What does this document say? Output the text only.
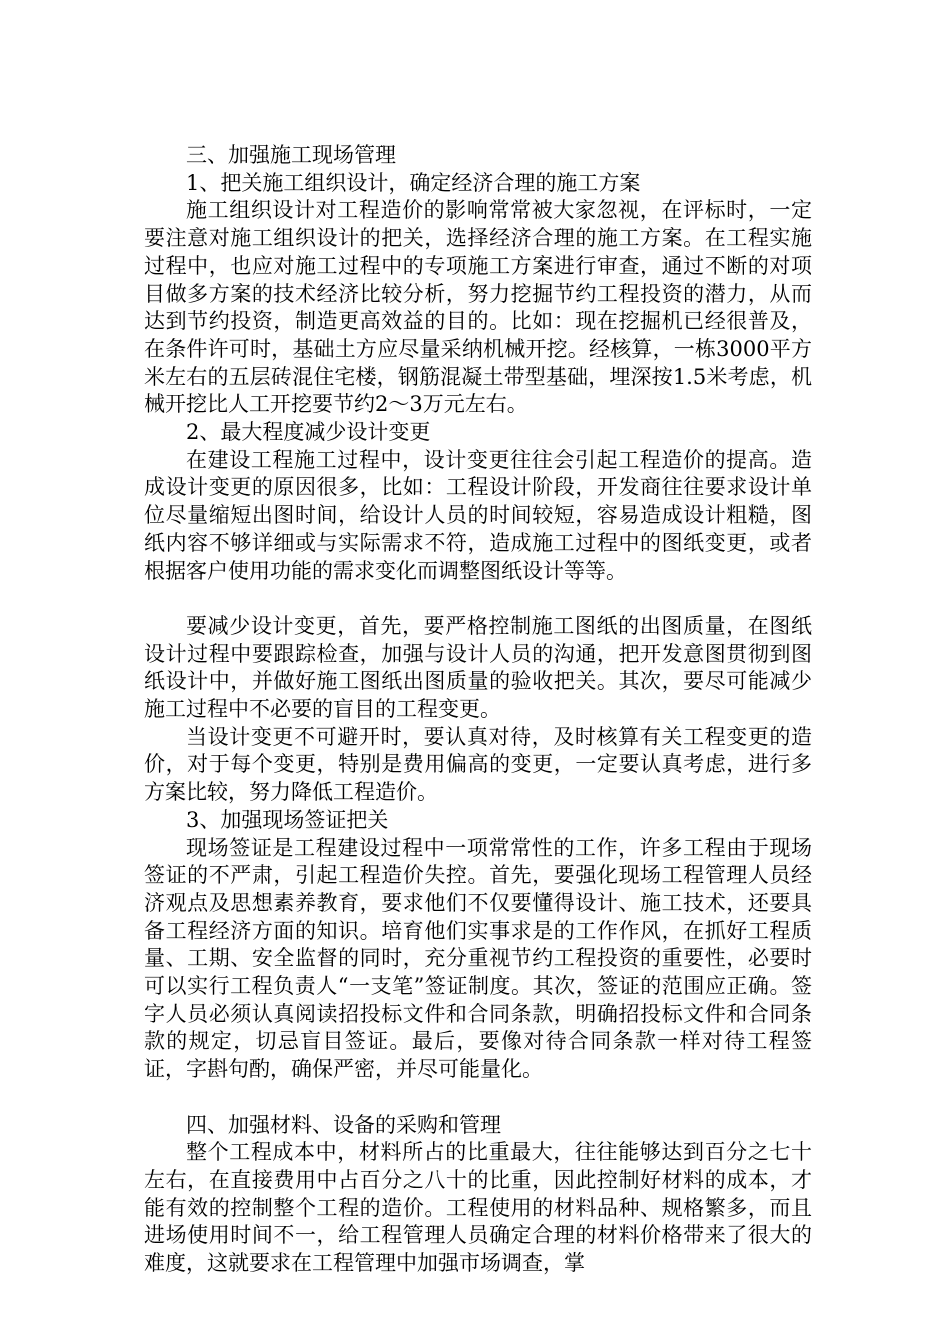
三、加强施工现场管理

1、把关施工组织设计，确定经济合理的施工方案

施工组织设计对工程造价的影响常常被大家忽视，在评标时，一定要注意对施工组织设计的把关，选择经济合理的施工方案。在工程实施过程中，也应对施工过程中的专项施工方案进行审查，通过不断的对项目做多方案的技术经济比较分析，努力挖掘节约工程投资的潜力，从而达到节约投资，制造更高效益的目的。比如：现在挖掘机已经很普及，在条件许可时，基础土方应尽量采纳机械开挖。经核算，一栋3000平方米左右的五层砖混住宅楼，钢筋混凝土带型基础，埋深按1.5米考虑，机械开挖比人工开挖要节约2～3万元左右。

2、最大程度减少设计变更

在建设工程施工过程中，设计变更往往会引起工程造价的提高。造成设计变更的原因很多，比如：工程设计阶段，开发商往往要求设计单位尽量缩短出图时间，给设计人员的时间较短，容易造成设计粗糙，图纸内容不够详细或与实际需求不符，造成施工过程中的图纸变更，或者根据客户使用功能的需求变化而调整图纸设计等等。

要减少设计变更，首先，要严格控制施工图纸的出图质量，在图纸设计过程中要跟踪检查，加强与设计人员的沟通，把开发意图贯彻到图纸设计中，并做好施工图纸出图质量的验收把关。其次，要尽可能减少施工过程中不必要的盲目的工程变更。

当设计变更不可避开时，要认真对待，及时核算有关工程变更的造价，对于每个变更，特别是费用偏高的变更，一定要认真考虑，进行多方案比较，努力降低工程造价。

3、加强现场签证把关

现场签证是工程建设过程中一项常常性的工作，许多工程由于现场签证的不严肃，引起工程造价失控。首先，要强化现场工程管理人员经济观点及思想素养教育，要求他们不仅要懂得设计、施工技术，还要具备工程经济方面的知识。培育他们实事求是的工作作风，在抓好工程质量、工期、安全监督的同时，充分重视节约工程投资的重要性，必要时可以实行工程负责人“一支笔”签证制度。其次，签证的范围应正确。签字人员必须认真阅读招投标文件和合同条款，明确招投标文件和合同条款的规定，切忌盲目签证。最后，要像对待合同条款一样对待工程签证，字斟句酌，确保严密，并尽可能量化。

四、加强材料、设备的采购和管理

整个工程成本中，材料所占的比重最大，往往能够达到百分之七十左右，在直接费用中占百分之八十的比重，因此控制好材料的成本，才能有效的控制整个工程的造价。工程使用的材料品种、规格繁多，而且进场使用时间不一，给工程管理人员确定合理的材料价格带来了很大的难度，这就要求在工程管理中加强市场调查，掌
